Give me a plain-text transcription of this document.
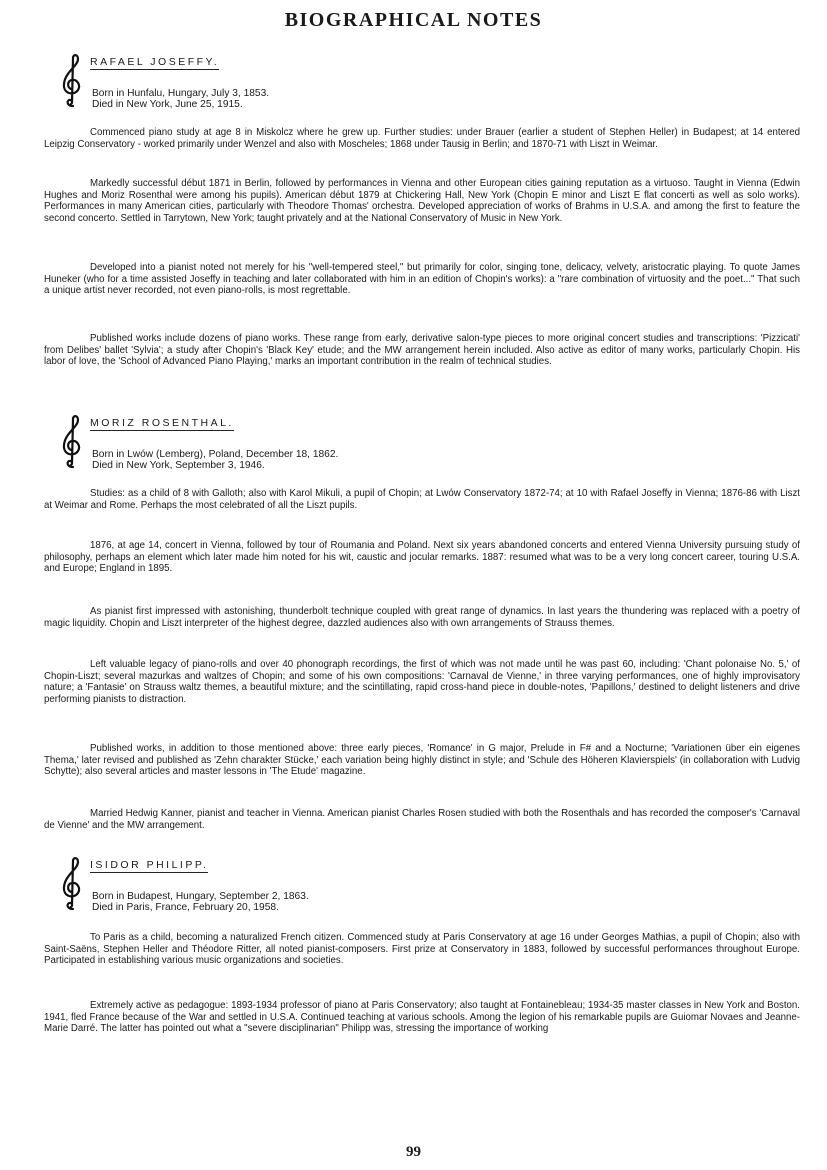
BIOGRAPHICAL NOTES
RAFAEL JOSEFFY.
Born in Hunfalu, Hungary, July 3, 1853.
Died in New York, June 25, 1915.

Commenced piano study at age 8 in Miskolcz where he grew up. Further studies: under Brauer (earlier a student of Stephen Heller) in Budapest; at 14 entered Leipzig Conservatory - worked primarily under Wenzel and also with Moscheles; 1868 under Tausig in Berlin; and 1870-71 with Liszt in Weimar.

Markedly successful début 1871 in Berlin, followed by performances in Vienna and other European cities gaining reputation as a virtuoso. Taught in Vienna (Edwin Hughes and Moriz Rosenthal were among his pupils). American début 1879 at Chickering Hall, New York (Chopin E minor and Liszt E flat concerti as well as solo works). Performances in many American cities, particularly with Theodore Thomas' orchestra. Developed appreciation of works of Brahms in U.S.A. and among the first to feature the second concerto. Settled in Tarrytown, New York; taught privately and at the National Conservatory of Music in New York.

Developed into a pianist noted not merely for his "well-tempered steel," but primarily for color, singing tone, delicacy, velvety, aristocratic playing. To quote James Huneker (who for a time assisted Joseffy in teaching and later collaborated with him in an edition of Chopin's works): a "rare combination of virtuosity and the poet..." That such a unique artist never recorded, not even piano-rolls, is most regrettable.

Published works include dozens of piano works. These range from early, derivative salon-type pieces to more original concert studies and transcriptions: 'Pizzicati' from Delibes' ballet 'Sylvia'; a study after Chopin's 'Black Key' etude; and the MW arrangement herein included. Also active as editor of many works, particularly Chopin. His labor of love, the 'School of Advanced Piano Playing,' marks an important contribution in the realm of technical studies.

MORIZ ROSENTHAL.
Born in Lwów (Lemberg), Poland, December 18, 1862.
Died in New York, September 3, 1946.

Studies: as a child of 8 with Galloth; also with Karol Mikuli, a pupil of Chopin; at Lwów Conservatory 1872-74; at 10 with Rafael Joseffy in Vienna; 1876-86 with Liszt at Weimar and Rome. Perhaps the most celebrated of all the Liszt pupils.

1876, at age 14, concert in Vienna, followed by tour of Roumania and Poland. Next six years abandoned concerts and entered Vienna University pursuing study of philosophy, perhaps an element which later made him noted for his wit, caustic and jocular remarks. 1887: resumed what was to be a very long concert career, touring U.S.A. and Europe; England in 1895.

As pianist first impressed with astonishing, thunderbolt technique coupled with great range of dynamics. In last years the thundering was replaced with a poetry of magic liquidity. Chopin and Liszt interpreter of the highest degree, dazzled audiences also with own arrangements of Strauss themes.

Left valuable legacy of piano-rolls and over 40 phonograph recordings, the first of which was not made until he was past 60, including: 'Chant polonaise No. 5,' of Chopin-Liszt; several mazurkas and waltzes of Chopin; and some of his own compositions: 'Carnaval de Vienne,' in three varying performances, one of highly improvisatory nature; a 'Fantasie' on Strauss waltz themes, a beautiful mixture; and the scintillating, rapid cross-hand piece in double-notes, 'Papillons,' destined to delight listeners and drive performing pianists to distraction.

Published works, in addition to those mentioned above: three early pieces, 'Romance' in G major, Prelude in F# and a Nocturne; 'Variationen über ein eigenes Thema,' later revised and published as 'Zehn charakter Stücke,' each variation being highly distinct in style; and 'Schule des Höheren Klavierspiels' (in collaboration with Ludvig Schytte); also several articles and master lessons in 'The Etude' magazine.

Married Hedwig Kanner, pianist and teacher in Vienna. American pianist Charles Rosen studied with both the Rosenthals and has recorded the composer's 'Carnaval de Vienne' and the MW arrangement.

ISIDOR PHILIPP.
Born in Budapest, Hungary, September 2, 1863.
Died in Paris, France, February 20, 1958.

To Paris as a child, becoming a naturalized French citizen. Commenced study at Paris Conservatory at age 16 under Georges Mathias, a pupil of Chopin; also with Saint-Saëns, Stephen Heller and Théodore Ritter, all noted pianist-composers. First prize at Conservatory in 1883, followed by successful performances throughout Europe. Participated in establishing various music organizations and societies.

Extremely active as pedagogue: 1893-1934 professor of piano at Paris Conservatory; also taught at Fontainebleau; 1934-35 master classes in New York and Boston. 1941, fled France because of the War and settled in U.S.A. Continued teaching at various schools. Among the legion of his remarkable pupils are Guiomar Novaes and Jeanne-Marie Darré. The latter has pointed out what a "severe disciplinarian" Philipp was, stressing the importance of working

99
